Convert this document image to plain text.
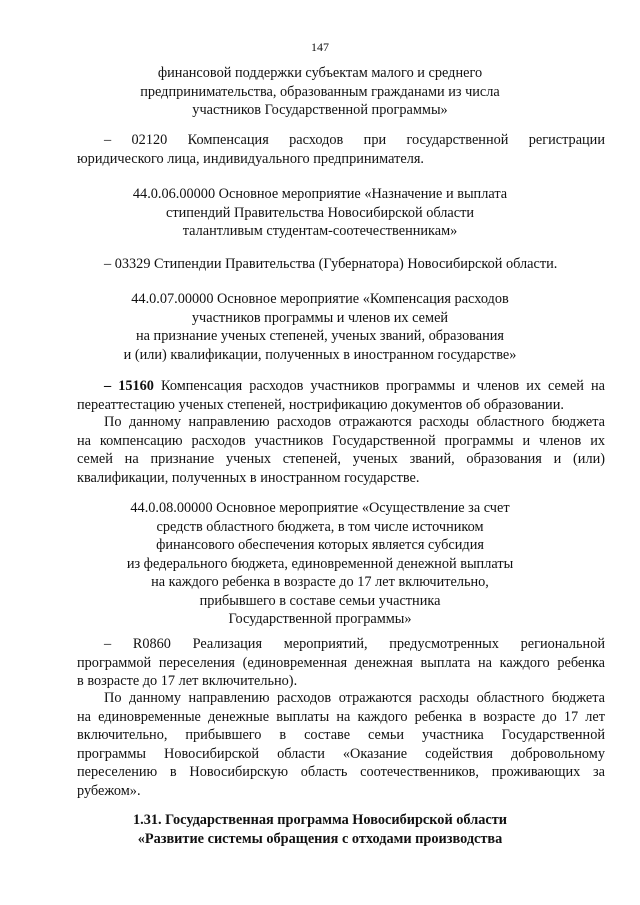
147
финансовой поддержки субъектам малого и среднего
предпринимательства, образованным гражданами из числа
участников Государственной программы»
– 02120 Компенсация расходов при государственной регистрации
юридического лица, индивидуального предпринимателя.
44.0.06.00000 Основное мероприятие «Назначение и выплата
стипендий Правительства Новосибирской области
талантливым студентам-соотечественникам»
– 03329 Стипендии Правительства (Губернатора) Новосибирской области.
44.0.07.00000 Основное мероприятие «Компенсация расходов
участников программы и членов их семей
на признание ученых степеней, ученых званий, образования
и (или) квалификации, полученных в иностранном государстве»
– 15160 Компенсация расходов участников программы и членов их семей на
переаттестацию ученых степеней, нострификацию документов об образовании.
По данному направлению расходов отражаются расходы областного бюджета
на компенсацию расходов участников Государственной программы и членов их
семей на признание ученых степеней, ученых званий, образования и (или)
квалификации, полученных в иностранном государстве.
44.0.08.00000 Основное мероприятие «Осуществление за счет
средств областного бюджета, в том числе источником
финансового обеспечения которых является субсидия
из федерального бюджета, единовременной денежной выплаты
на каждого ребенка в возрасте до 17 лет включительно,
прибывшего в составе семьи участника
Государственной программы»
– R0860 Реализация мероприятий, предусмотренных региональной
программой переселения (единовременная денежная выплата на каждого ребенка
в возрасте до 17 лет включительно).
По данному направлению расходов отражаются расходы областного бюджета
на единовременные денежные выплаты на каждого ребенка в возрасте до 17 лет
включительно, прибывшего в составе семьи участника Государственной
программы Новосибирской области «Оказание содействия добровольному
переселению в Новосибирскую область соотечественников, проживающих за
рубежом».
1.31. Государственная программа Новосибирской области
«Развитие системы обращения с отходами производства
